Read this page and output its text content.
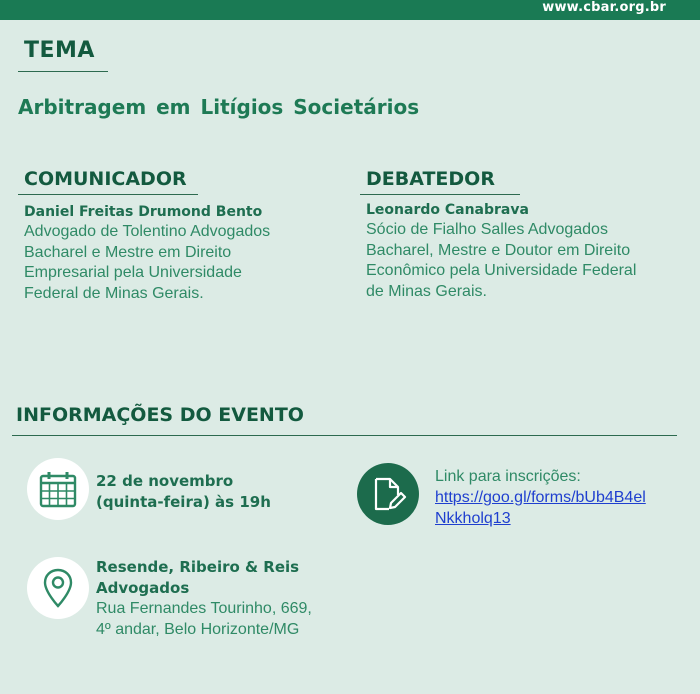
www.cbar.org.br
TEMA
Arbitragem em Litígios Societários
COMUNICADOR
Daniel Freitas Drumond Bento
Advogado de Tolentino Advogados
Bacharel e Mestre em Direito
Empresarial pela Universidade
Federal de Minas Gerais.
DEBATEDOR
Leonardo Canabrava
Sócio de Fialho Salles Advogados
Bacharel, Mestre e Doutor em Direito
Econômico pela Universidade Federal
de Minas Gerais.
INFORMAÇÕES DO EVENTO
22 de novembro
(quinta-feira) às 19h
Resende, Ribeiro & Reis
Advogados
Rua Fernandes Tourinho, 669,
4º andar, Belo Horizonte/MG
Link para inscrições:
https://goo.gl/forms/bUb4B4el
Nkkholq13
